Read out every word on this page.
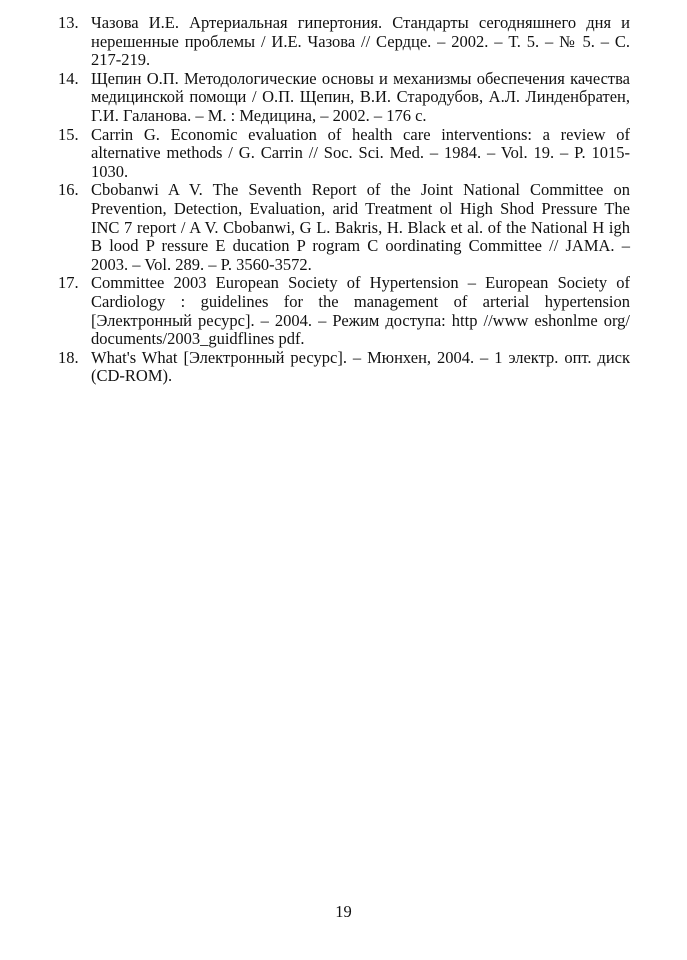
13. Чазова И.Е. Артериальная гипертония. Стандарты сегодняшнего дня и нерешенные проблемы / И.Е. Чазова // Сердце. – 2002. – Т. 5. – № 5. – С. 217-219.
14. Щепин О.П. Методологические основы и механизмы обеспечения качества медицинской помощи / О.П. Щепин, В.И. Стародубов, А.Л. Линденбратен, Г.И. Галанова. – М. : Медицина, – 2002. – 176 с.
15. Carrin G. Economic evaluation of health care interventions: a review of alternative methods / G. Carrin // Soc. Sci. Med. – 1984. – Vol. 19. – P. 1015-1030.
16. Cbobanwi A V. The Seventh Report of the Joint National Committee on Prevention, Detection, Evaluation, arid Treatment ol High Shod Pressure The INC 7 report / A V. Cbobanwi, G L. Bakris, H. Black et al. of the National H igh B lood P ressure E ducation P rogram C oordinating Committee // JAMA. – 2003. – Vol. 289. – P. 3560-3572.
17. Committee 2003 European Society of Hypertension – European Society of Cardiology : guidelines for the management of arterial hypertension [Электронный ресурс]. – 2004. – Режим доступа: http //www eshonlme org/ documents/2003_guidflines pdf.
18. What's What [Электронный ресурс]. – Мюнхен, 2004. – 1 электр. опт. диск (CD-ROM).
19
